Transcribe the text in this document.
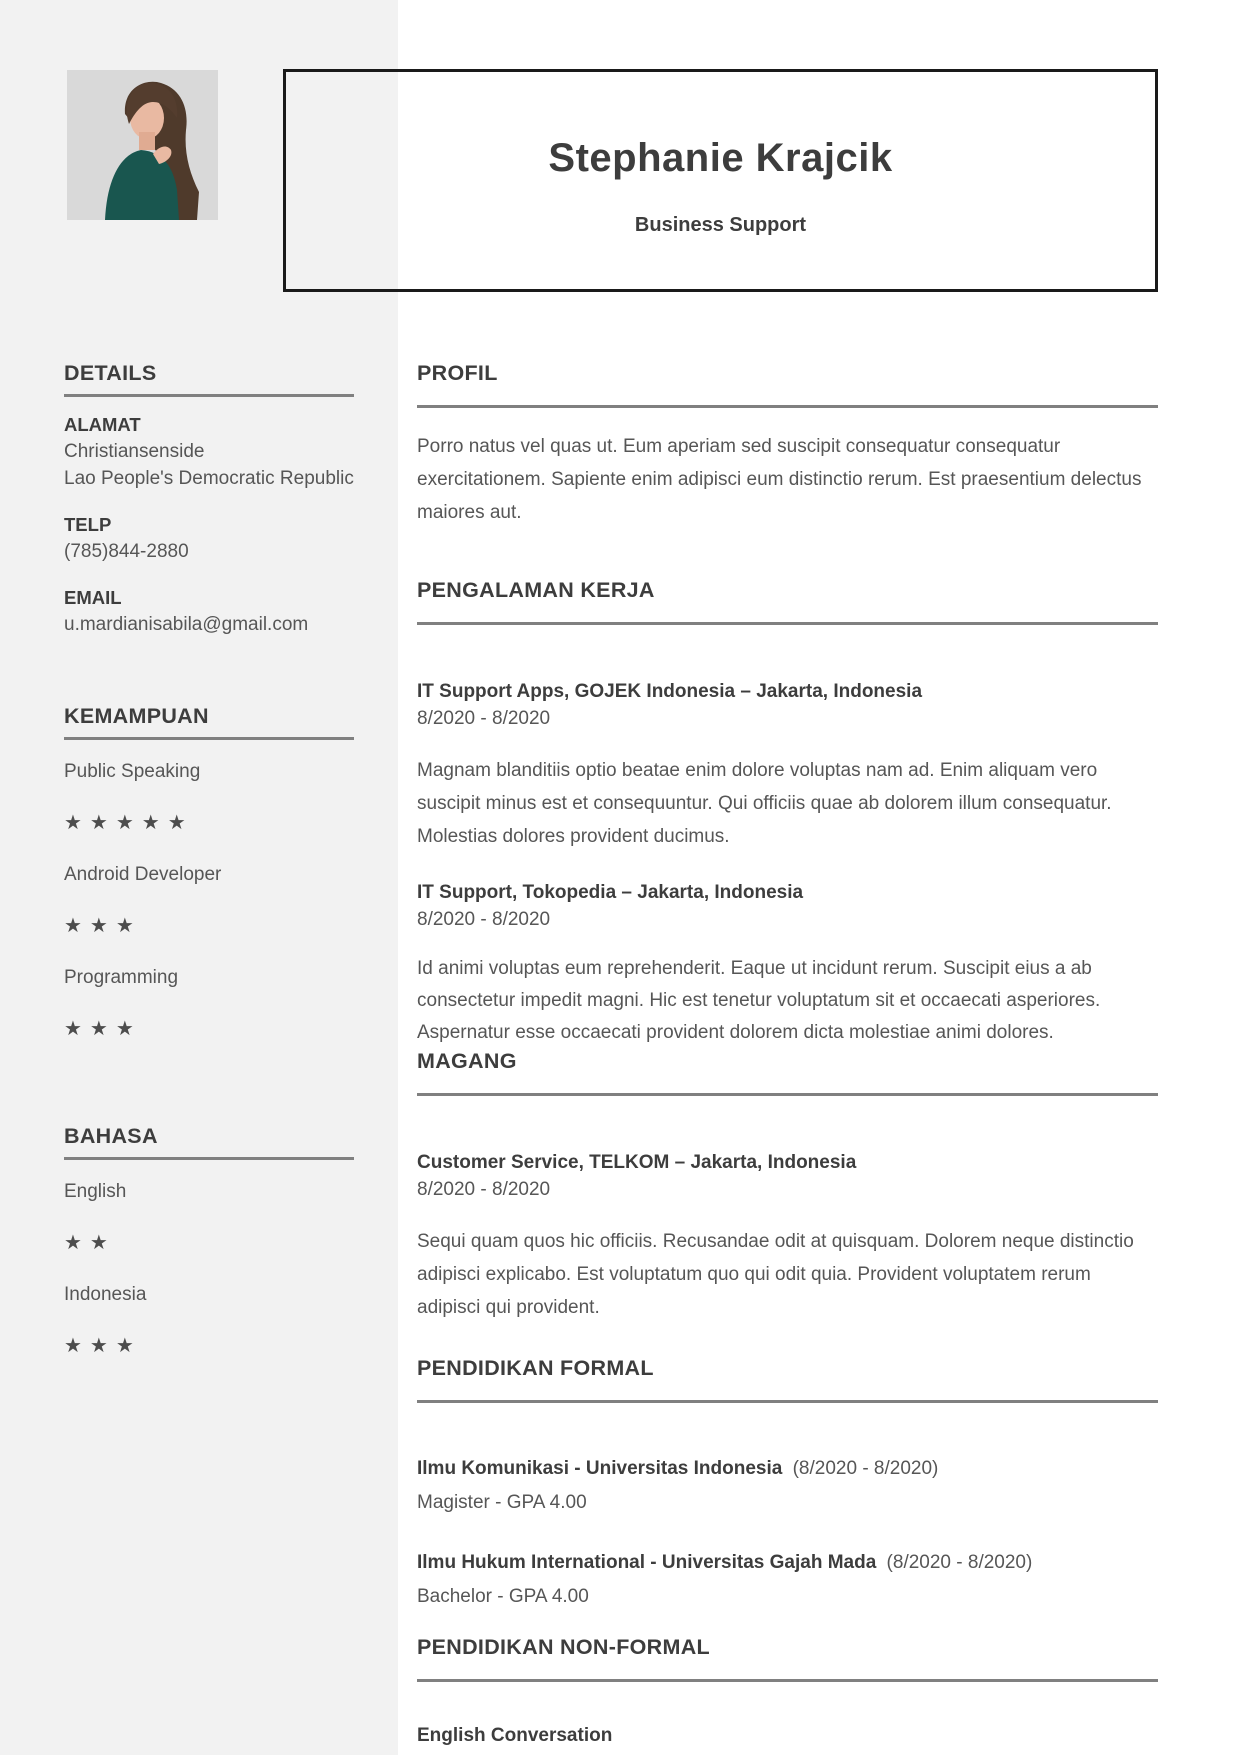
Stephanie Krajcik
Business Support
DETAILS
ALAMAT
Christiansenside
Lao People's Democratic Republic
TELP
(785)844-2880
EMAIL
u.mardianisabila@gmail.com
KEMAMPUAN
Public Speaking
★★★★★
Android Developer
★★★
Programming
★★★
BAHASA
English
★★
Indonesia
★★★
PROFIL

Porro natus vel quas ut. Eum aperiam sed suscipit consequatur consequatur exercitationem. Sapiente enim adipisci eum distinctio rerum. Est praesentium delectus maiores aut.

PENGALAMAN KERJA
IT Support Apps, GOJEK Indonesia – Jakarta, Indonesia
8/2020 - 8/2020
Magnam blanditiis optio beatae enim dolore voluptas nam ad. Enim aliquam vero suscipit minus est et consequuntur. Qui officiis quae ab dolorem illum consequatur. Molestias dolores provident ducimus.
IT Support, Tokopedia – Jakarta, Indonesia
8/2020 - 8/2020
Id animi voluptas eum reprehenderit. Eaque ut incidunt rerum. Suscipit eius a ab consectetur impedit magni. Hic est tenetur voluptatum sit et occaecati asperiores. Aspernatur esse occaecati provident dolorem dicta molestiae animi dolores.
MAGANG
Customer Service, TELKOM – Jakarta, Indonesia
8/2020 - 8/2020
Sequi quam quos hic officiis. Recusandae odit at quisquam. Dolorem neque distinctio adipisci explicabo. Est voluptatum quo qui odit quia. Provident voluptatem rerum adipisci qui provident.
PENDIDIKAN FORMAL
Ilmu Komunikasi - Universitas Indonesia (8/2020 - 8/2020)
Magister - GPA 4.00
Ilmu Hukum International - Universitas Gajah Mada (8/2020 - 8/2020)
Bachelor - GPA 4.00
PENDIDIKAN NON-FORMAL
English Conversation
